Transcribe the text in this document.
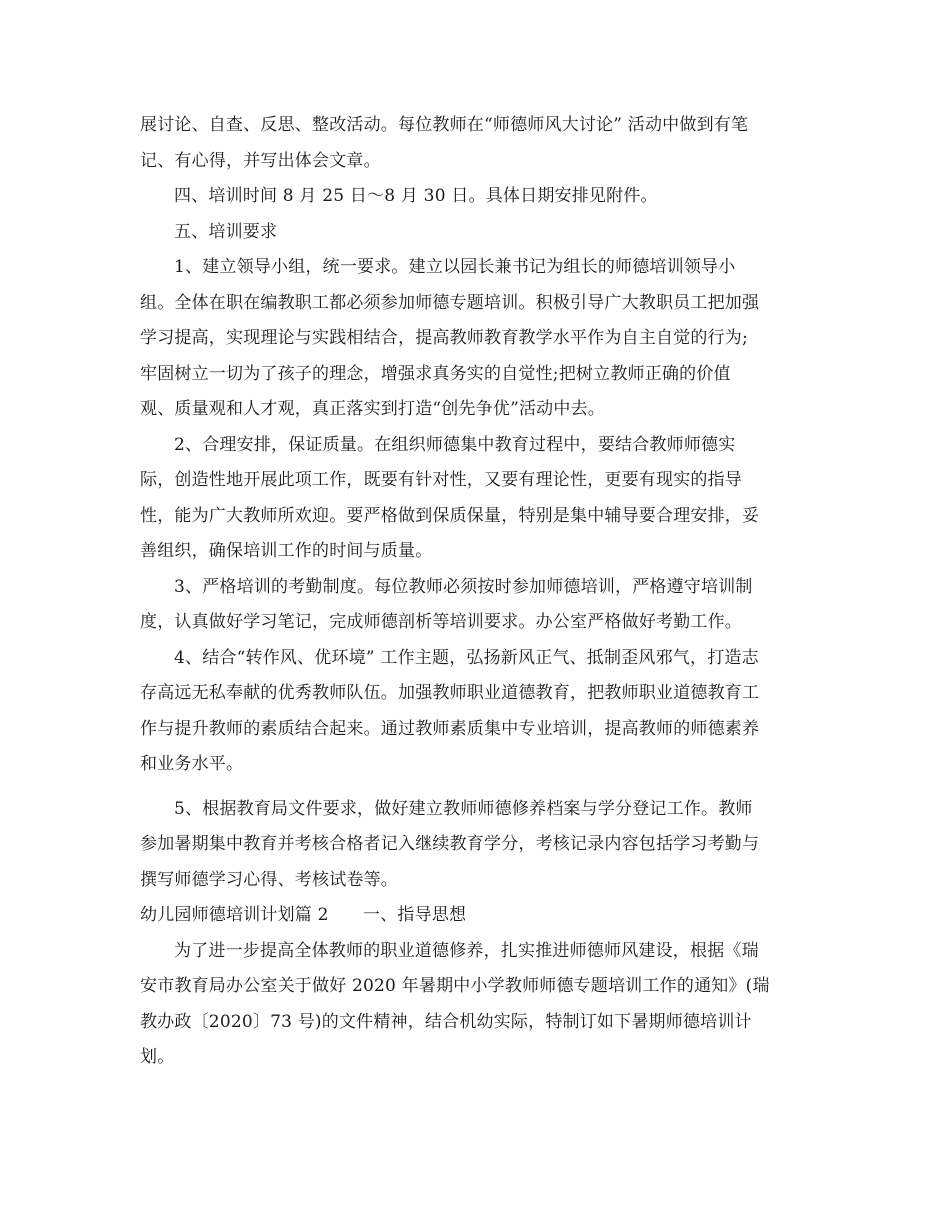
展讨论、自查、反思、整改活动。每位教师在“师德师风大讨论” 活动中做到有笔
记、有心得，并写出体会文章。
四、培训时间 8 月 25 日～8 月 30 日。具体日期安排见附件。
五、培训要求
1、建立领导小组，统一要求。建立以园长兼书记为组长的师德培训领导小
组。全体在职在编教职工都必须参加师德专题培训。积极引导广大教职员工把加强
学习提高，实现理论与实践相结合，提高教师教育教学水平作为自主自觉的行为;
牢固树立一切为了孩子的理念，增强求真务实的自觉性;把树立教师正确的价值
观、质量观和人才观，真正落实到打造“创先争优”活动中去。
2、合理安排，保证质量。在组织师德集中教育过程中，要结合教师师德实
际，创造性地开展此项工作，既要有针对性，又要有理论性，更要有现实的指导
性，能为广大教师所欢迎。要严格做到保质保量，特别是集中辅导要合理安排，妥
善组织，确保培训工作的时间与质量。
3、严格培训的考勤制度。每位教师必须按时参加师德培训，严格遵守培训制
度，认真做好学习笔记，完成师德剖析等培训要求。办公室严格做好考勤工作。
4、结合“转作风、优环境” 工作主题，弘扬新风正气、抵制歪风邪气，打造志
存高远无私奉献的优秀教师队伍。加强教师职业道德教育，把教师职业道德教育工
作与提升教师的素质结合起来。通过教师素质集中专业培训，提高教师的师德素养
和业务水平。
5、根据教育局文件要求，做好建立教师师德修养档案与学分登记工作。教师
参加暑期集中教育并考核合格者记入继续教育学分，考核记录内容包括学习考勤与
撰写师德学习心得、考核试卷等。
幼儿园师德培训计划篇 2　　一、指导思想
为了进一步提高全体教师的职业道德修养，扎实推进师德师风建设，根据《瑞
安市教育局办公室关于做好 2020 年暑期中小学教师师德专题培训工作的通知》(瑞
教办政〔2020〕73 号)的文件精神，结合机幼实际，特制订如下暑期师德培训计
划。
